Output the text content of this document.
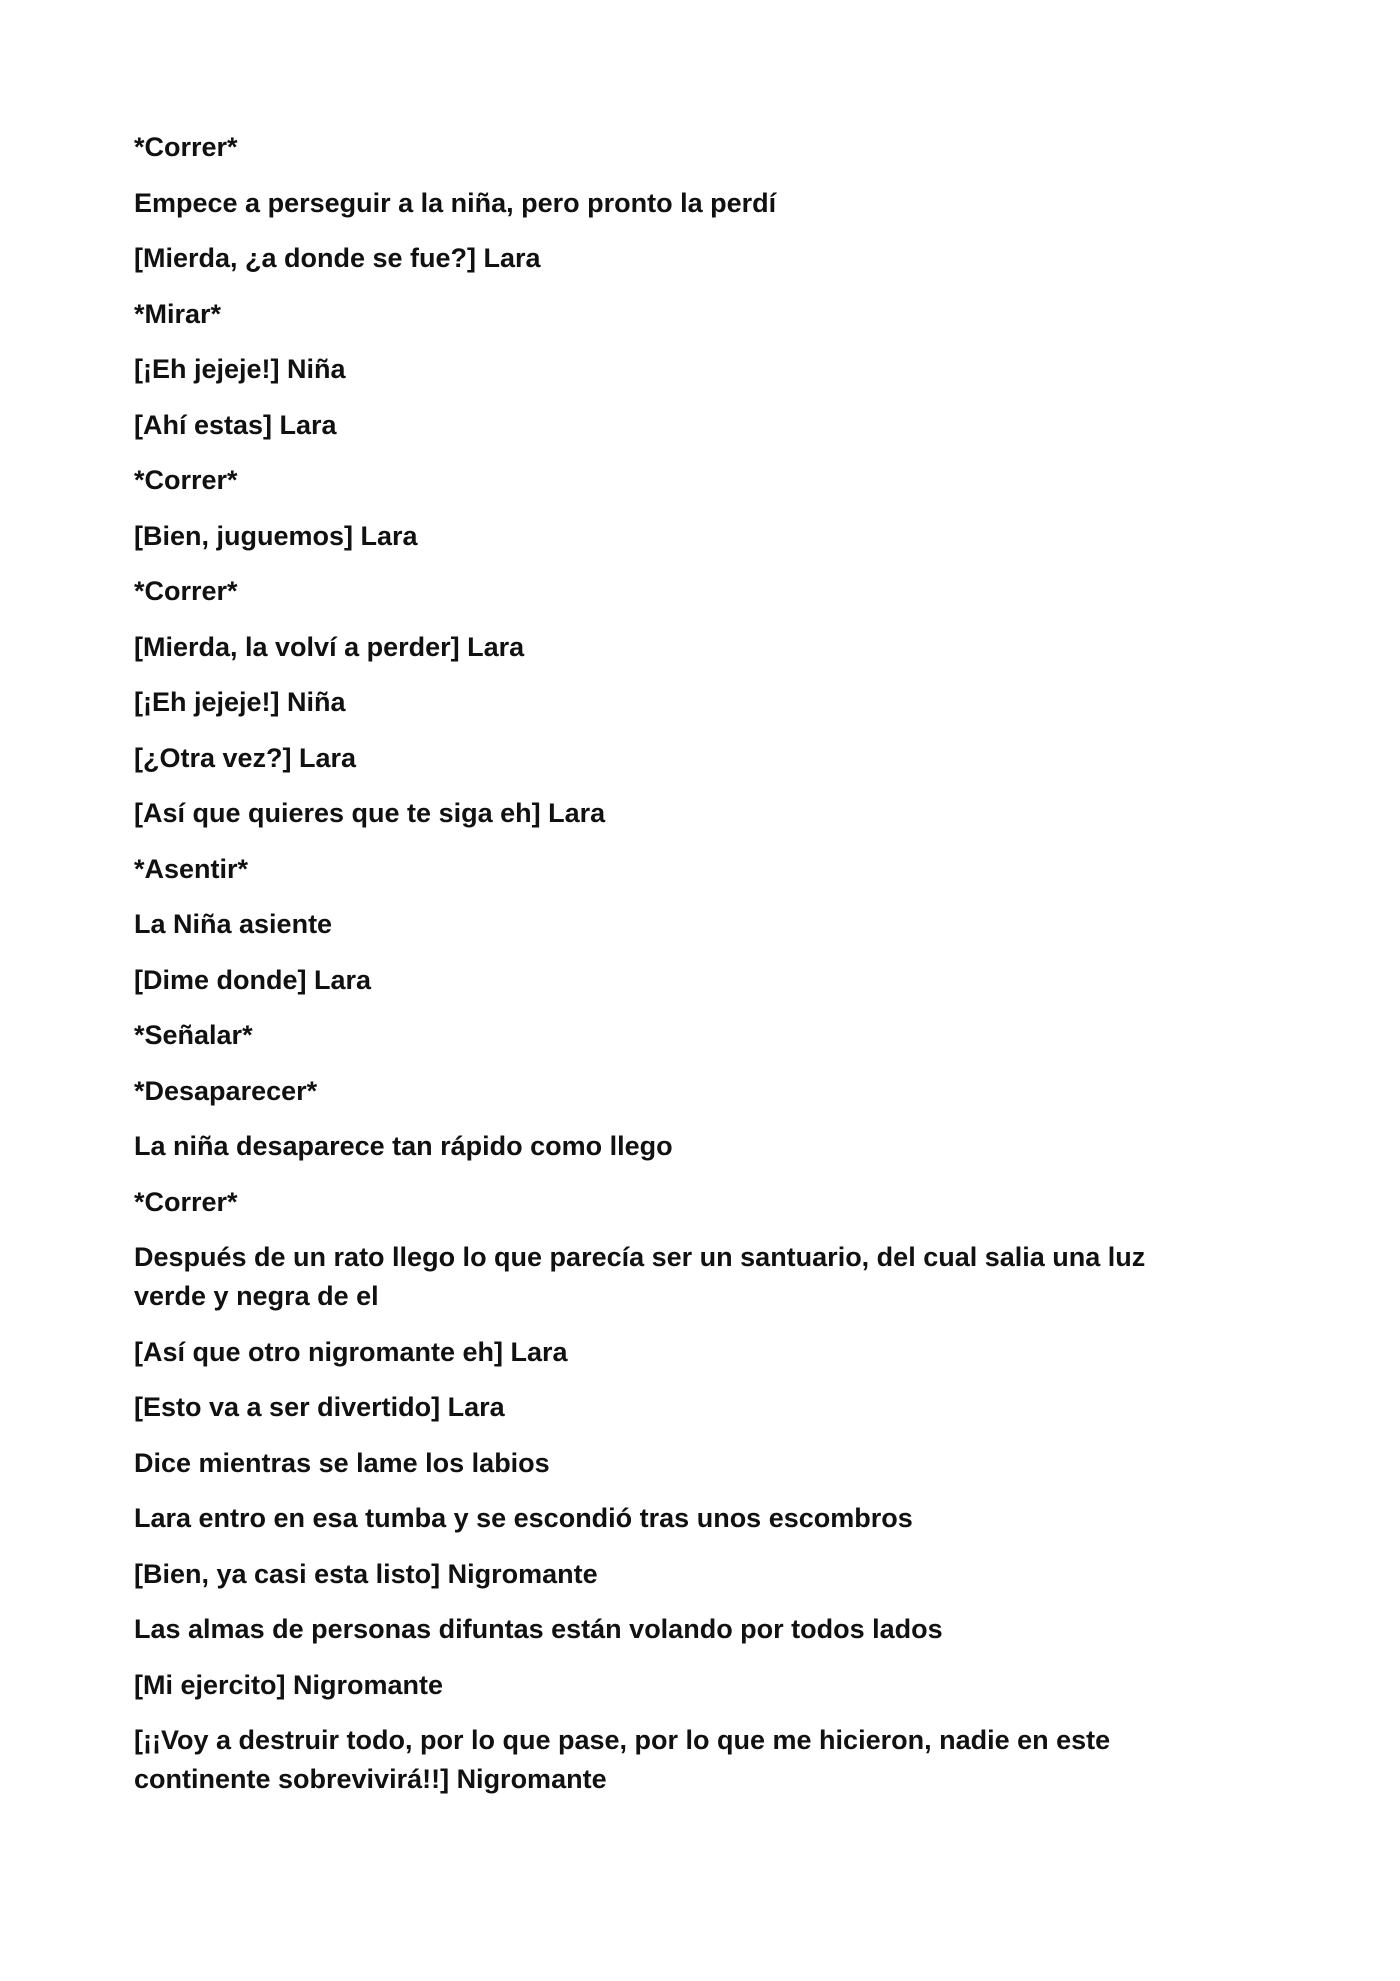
*Correr*

Empece a perseguir a la niña, pero pronto la perdí

[Mierda, ¿a donde se fue?] Lara

*Mirar*

[¡Eh jejeje!] Niña

[Ahí estas] Lara

*Correr*

[Bien, juguemos] Lara

*Correr*

[Mierda, la volví a perder] Lara

[¡Eh jejeje!] Niña

[¿Otra vez?] Lara

[Así que quieres que te siga eh] Lara

*Asentir*

La Niña asiente

[Dime donde] Lara

*Señalar*

*Desaparecer*

La niña desaparece tan rápido como llego

*Correr*

Después de un rato llego lo que parecía ser un santuario, del cual salia una luz verde y negra de el

[Así que otro nigromante eh] Lara

[Esto va a ser divertido] Lara

Dice mientras se lame los labios

Lara entro en esa tumba y se escondió tras unos escombros

[Bien, ya casi esta listo] Nigromante

Las almas de personas difuntas están volando por todos lados

[Mi ejercito] Nigromante

[¡¡Voy a destruir todo, por lo que pase, por lo que me hicieron, nadie en este continente sobrevivirá!!] Nigromante
